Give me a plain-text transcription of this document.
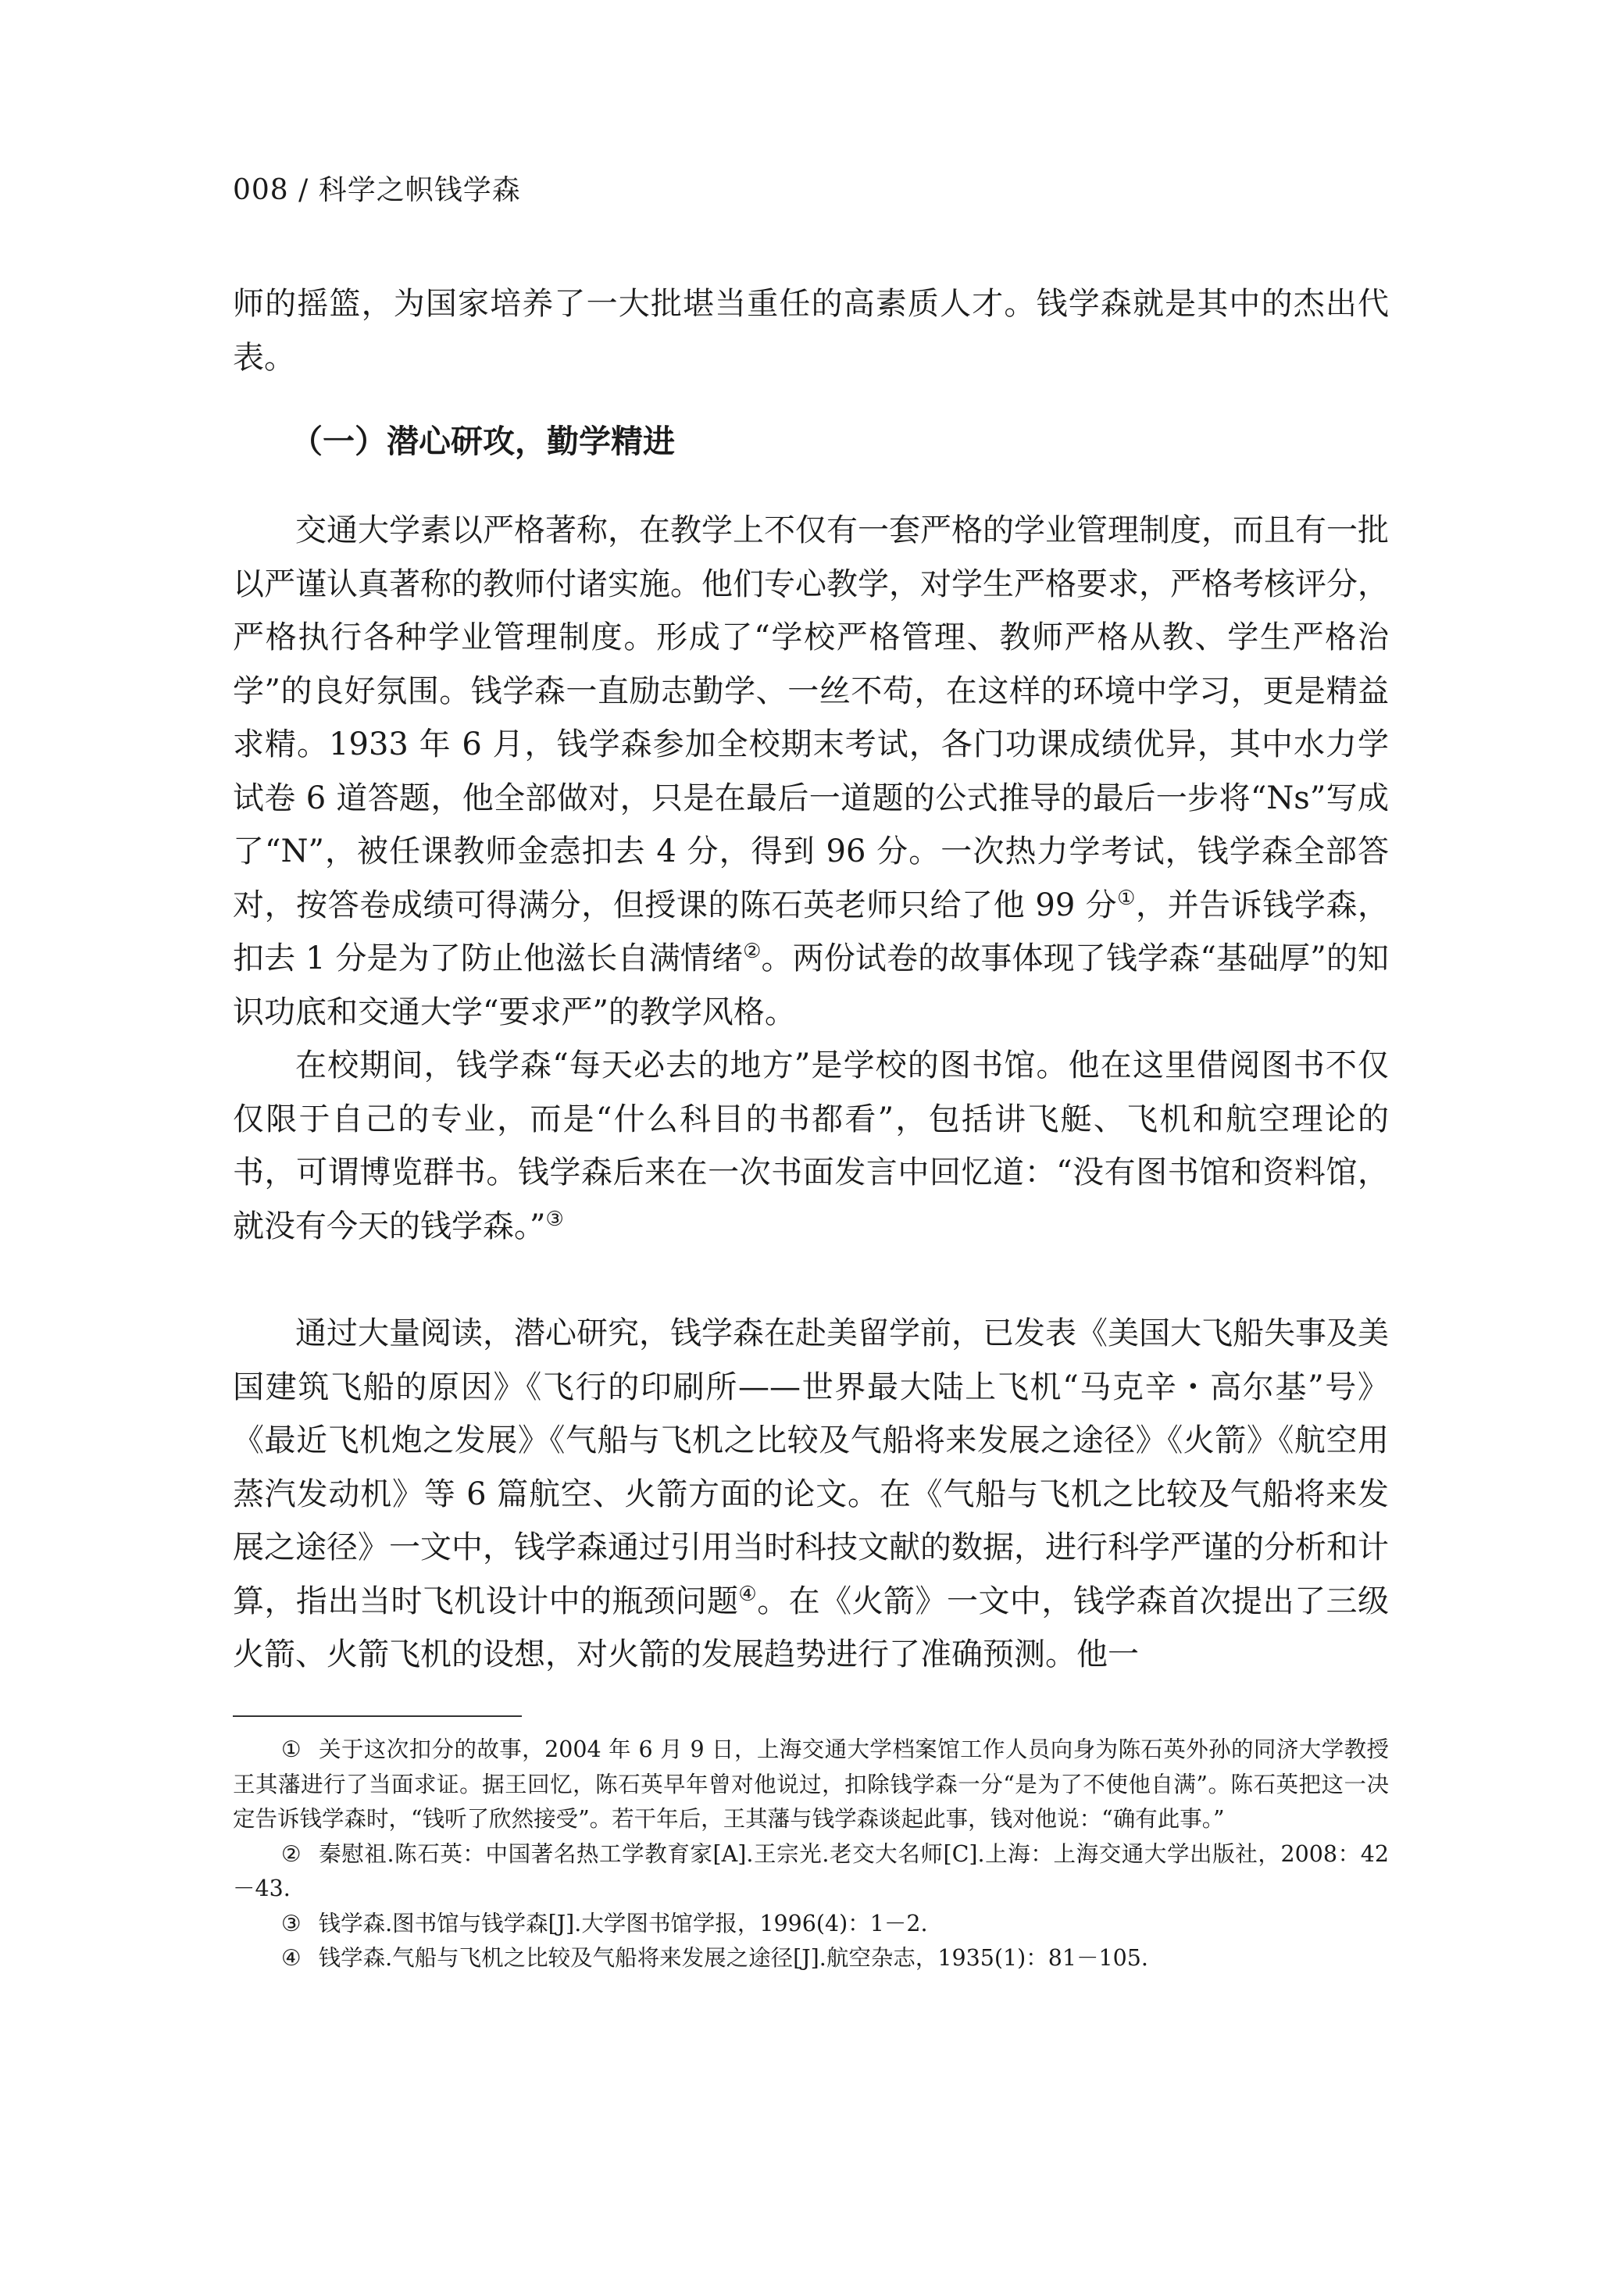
008 / 科学之帜钱学森

师的摇篮，为国家培养了一大批堪当重任的高素质人才。钱学森就是其中的杰出代表。

（一）潜心研攻，勤学精进

交通大学素以严格著称，在教学上不仅有一套严格的学业管理制度，而且有一批以严谨认真著称的教师付诸实施。他们专心教学，对学生严格要求，严格考核评分，严格执行各种学业管理制度。形成了“学校严格管理、教师严格从教、学生严格治学”的良好氛围。钱学森一直励志勤学、一丝不苟，在这样的环境中学习，更是精益求精。1933 年 6 月，钱学森参加全校期末考试，各门功课成绩优异，其中水力学试卷 6 道答题，他全部做对，只是在最后一道题的公式推导的最后一步将“Ns”写成了“N”，被任课教师金悫扣去 4 分，得到 96 分。一次热力学考试，钱学森全部答对，按答卷成绩可得满分，但授课的陈石英老师只给了他 99 分①，并告诉钱学森，扣去 1 分是为了防止他滋长自满情绪②。两份试卷的故事体现了钱学森“基础厚”的知识功底和交通大学“要求严”的教学风格。

在校期间，钱学森“每天必去的地方”是学校的图书馆。他在这里借阅图书不仅仅限于自己的专业，而是“什么科目的书都看”，包括讲飞艇、飞机和航空理论的书，可谓博览群书。钱学森后来在一次书面发言中回忆道：“没有图书馆和资料馆，就没有今天的钱学森。”③

通过大量阅读，潜心研究，钱学森在赴美留学前，已发表《美国大飞船失事及美国建筑飞船的原因》《飞行的印刷所——世界最大陆上飞机“马克辛・高尔基”号》《最近飞机炮之发展》《气船与飞机之比较及气船将来发展之途径》《火箭》《航空用蒸汽发动机》等 6 篇航空、火箭方面的论文。在《气船与飞机之比较及气船将来发展之途径》一文中，钱学森通过引用当时科技文献的数据，进行科学严谨的分析和计算，指出当时飞机设计中的瓶颈问题④。在《火箭》一文中，钱学森首次提出了三级火箭、火箭飞机的设想，对火箭的发展趋势进行了准确预测。他一

① 关于这次扣分的故事，2004 年 6 月 9 日，上海交通大学档案馆工作人员向身为陈石英外孙的同济大学教授王其藩进行了当面求证。据王回忆，陈石英早年曾对他说过，扣除钱学森一分“是为了不使他自满”。陈石英把这一决定告诉钱学森时，“钱听了欣然接受”。若干年后，王其藩与钱学森谈起此事，钱对他说：“确有此事。”

② 秦慰祖.陈石英：中国著名热工学教育家[A].王宗光.老交大名师[C].上海：上海交通大学出版社，2008：42－43.

③ 钱学森.图书馆与钱学森[J].大学图书馆学报，1996(4)：1－2.

④ 钱学森.气船与飞机之比较及气船将来发展之途径[J].航空杂志，1935(1)：81－105.
